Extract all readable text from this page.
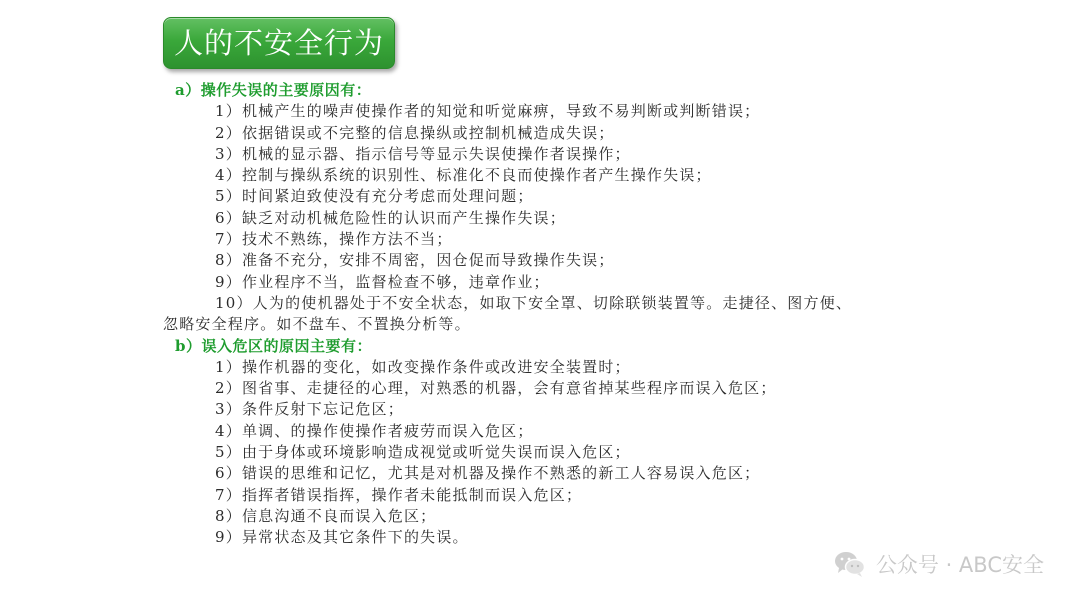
人的不安全行为
a）操作失误的主要原因有：
1）机械产生的噪声使操作者的知觉和听觉麻痹，导致不易判断或判断错误；
2）依据错误或不完整的信息操纵或控制机械造成失误；
3）机械的显示器、指示信号等显示失误使操作者误操作；
4）控制与操纵系统的识别性、标准化不良而使操作者产生操作失误；
5）时间紧迫致使没有充分考虑而处理问题；
6）缺乏对动机械危险性的认识而产生操作失误；
7）技术不熟练，操作方法不当；
8）准备不充分，安排不周密，因仓促而导致操作失误；
9）作业程序不当，监督检查不够，违章作业；
10）人为的使机器处于不安全状态，如取下安全罩、切除联锁装置等。走捷径、图方便、
忽略安全程序。如不盘车、不置换分析等。
b）误入危区的原因主要有：
1）操作机器的变化，如改变操作条件或改进安全装置时；
2）图省事、走捷径的心理，对熟悉的机器，会有意省掉某些程序而误入危区；
3）条件反射下忘记危区；
4）单调、的操作使操作者疲劳而误入危区；
5）由于身体或环境影响造成视觉或听觉失误而误入危区；
6）错误的思维和记忆，尤其是对机器及操作不熟悉的新工人容易误入危区；
7）指挥者错误指挥，操作者未能抵制而误入危区；
8）信息沟通不良而误入危区；
9）异常状态及其它条件下的失误。
公众号 · ABC安全
